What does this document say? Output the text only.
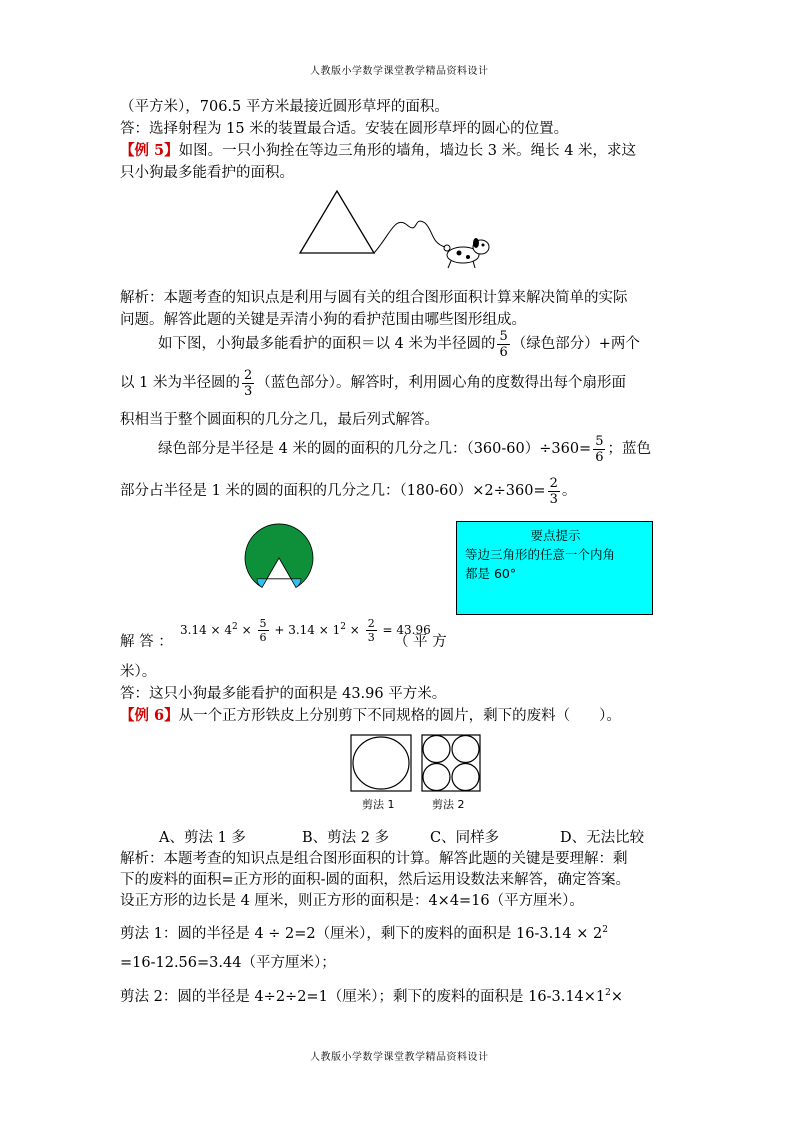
人教版小学数学课堂教学精品资料设计
人教版小学数学课堂教学精品资料设计
（平方米），706.5 平方米最接近圆形草坪的面积。
答：选择射程为 15 米的装置最合适。安装在圆形草坪的圆心的位置。
【例 5】如图。一只小狗拴在等边三角形的墙角，墙边长 3 米。绳长 4 米，求这
只小狗最多能看护的面积。
解析：本题考查的知识点是利用与圆有关的组合图形面积计算来解决简单的实际
问题。解答此题的关键是弄清小狗的看护范围由哪些图形组成。
如下图，小狗最多能看护的面积＝以 4 米为半径圆的 $\frac{5}{6}$ （绿色部分）+两个
以 1 米为半径圆的 $\frac{2}{3}$ （蓝色部分）。解答时，利用圆心角的度数得出每个扇形面
积相当于整个圆面积的几分之几，最后列式解答。
绿色部分是半径是 4 米的圆的面积的几分之几：$(360-60)\div 360= \frac{5}{6}$ ；蓝色
部分占半径是 1 米的圆的面积的几分之几：$(180-60)\times 2\div 360= \frac{2}{3}$ 。
要点提示
等边三角形的任意一个内角
都是 60°
解 答 ：
$3.14 \times 4^2 \times \frac{5}{6} + 3.14 \times 1^2 \times \frac{2}{3} = 43.96$
（ 平 方
米）。
答：这只小狗最多能看护的面积是 43.96 平方米。
【例 6】从一个正方形铁皮上分别剪下不同规格的圆片，剩下的废料（　　）。
剪法 1	剪法 2
A、剪法 1 多	B、剪法 2 多	C、同样多	D、无法比较
解析：本题考查的知识点是组合图形面积的计算。解答此题的关键是要理解：剩
下的废料的面积=正方形的面积-圆的面积，然后运用设数法来解答，确定答案。
设正方形的边长是 4 厘米，则正方形的面积是：4×4=16（平方厘米）。
剪法 1：圆的半径是 4 ÷ 2=2（厘米），剩下的废料的面积是 $16-3.14 \times 2^2$
=16-12.56=3.44（平方厘米）；
剪法 2：圆的半径是 4÷2÷2=1（厘米）；剩下的废料的面积是 $16-3.14\times 1^2\times$
